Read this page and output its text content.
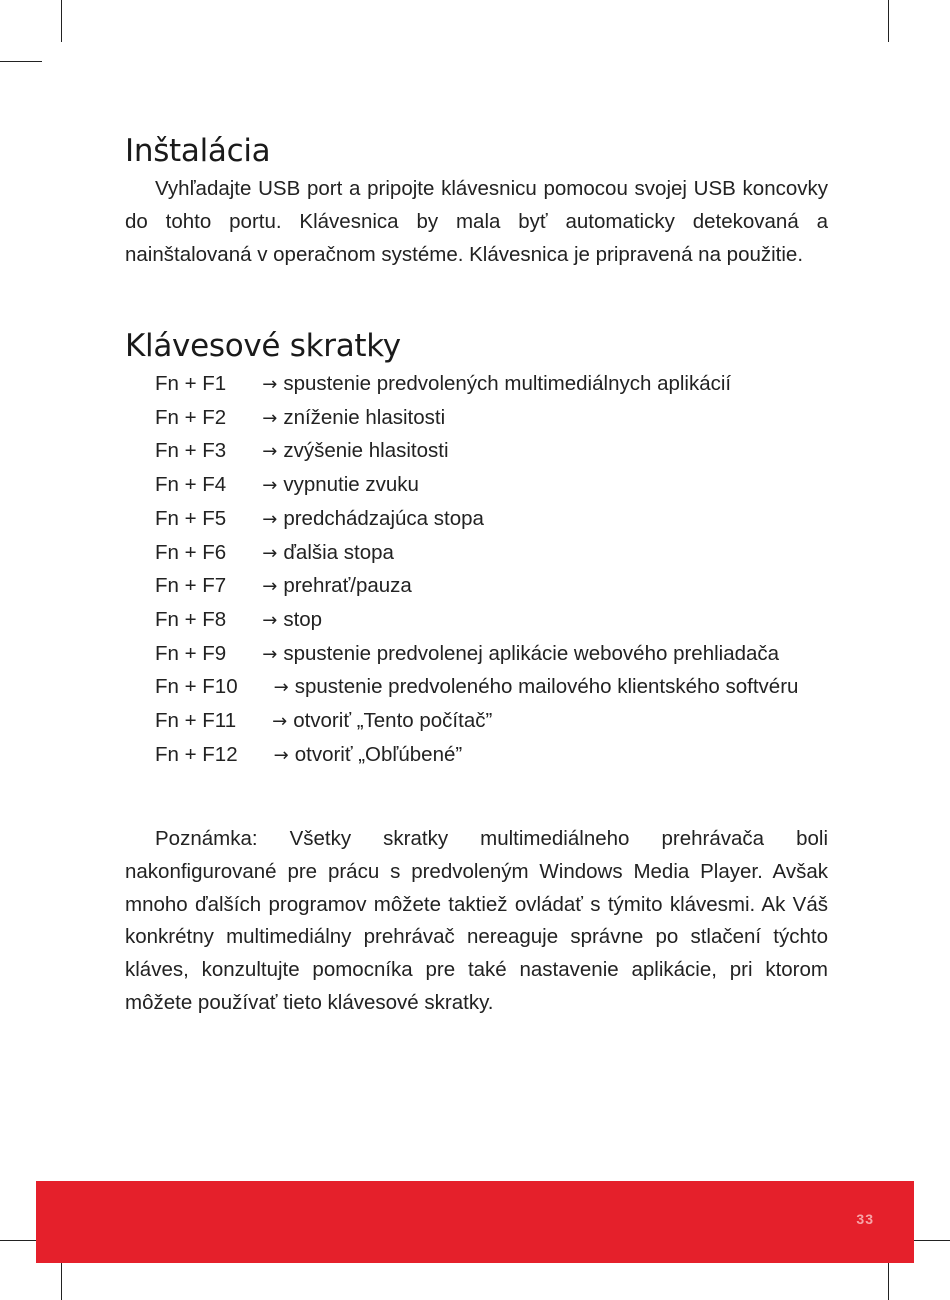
Inštalácia

Vyhľadajte USB port a pripojte klávesnicu pomocou svojej USB koncovky do tohto portu. Klávesnica by mala byť automaticky detekovaná a nainštalovaná v operačnom systéme. Klávesnica je pripravená na použitie.

Klávesové skratky
Fn + F1 → spustenie predvolených multimediálnych aplikácií
Fn + F2 → zníženie hlasitosti
Fn + F3 → zvýšenie hlasitosti
Fn + F4 → vypnutie zvuku
Fn + F5 → predchádzajúca stopa
Fn + F6 → ďalšia stopa
Fn + F7 → prehrať/pauza
Fn + F8 → stop
Fn + F9 → spustenie predvolenej aplikácie webového prehliadača
Fn + F10 → spustenie predvoleného mailového klientského softvéru
Fn + F11 → otvoriť „Tento počítač”
Fn + F12 → otvoriť „Obľúbené”

Poznámka: Všetky skratky multimediálneho prehrávača boli nakonfigurované pre prácu s predvoleným Windows Media Player. Avšak mnoho ďalších programov môžete taktiež ovládať s týmito klávesmi. Ak Váš konkrétny multimediálny prehrávač nereaguje správne po stlačení týchto kláves, konzultujte pomocníka pre také nastavenie aplikácie, pri ktorom môžete používať tieto klávesové skratky.

33
